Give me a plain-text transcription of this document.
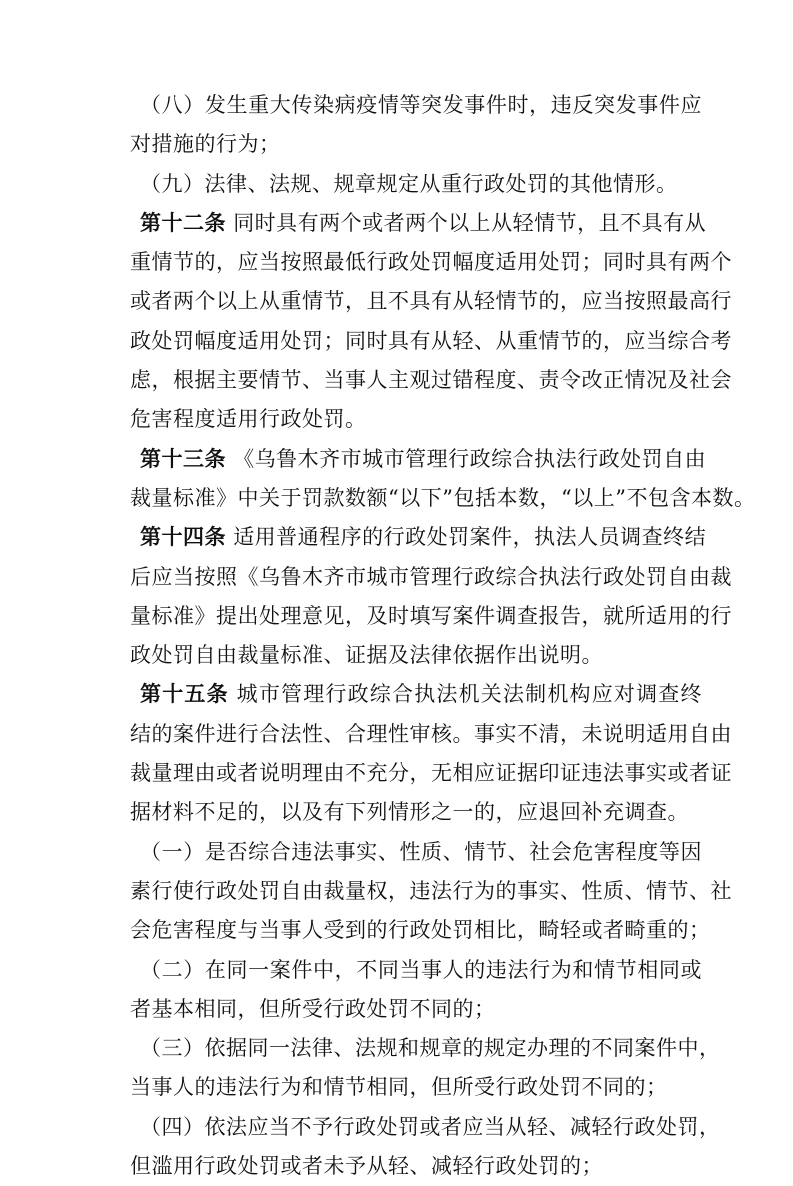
（八）发生重大传染病疫情等突发事件时，违反突发事件应
对措施的行为；
（九）法律、法规、规章规定从重行政处罚的其他情形。
第十二条 同时具有两个或者两个以上从轻情节，且不具有从
重情节的，应当按照最低行政处罚幅度适用处罚；同时具有两个
或者两个以上从重情节，且不具有从轻情节的，应当按照最高行
政处罚幅度适用处罚；同时具有从轻、从重情节的，应当综合考
虑，根据主要情节、当事人主观过错程度、责令改正情况及社会
危害程度适用行政处罚。
第十三条 《乌鲁木齐市城市管理行政综合执法行政处罚自由
裁量标准》中关于罚款数额“以下”包括本数，“以上”不包含本数。
第十四条 适用普通程序的行政处罚案件，执法人员调查终结
后应当按照《乌鲁木齐市城市管理行政综合执法行政处罚自由裁
量标准》提出处理意见，及时填写案件调查报告，就所适用的行
政处罚自由裁量标准、证据及法律依据作出说明。
第十五条 城市管理行政综合执法机关法制机构应对调查终
结的案件进行合法性、合理性审核。事实不清，未说明适用自由
裁量理由或者说明理由不充分，无相应证据印证违法事实或者证
据材料不足的，以及有下列情形之一的，应退回补充调查。
（一）是否综合违法事实、性质、情节、社会危害程度等因
素行使行政处罚自由裁量权，违法行为的事实、性质、情节、社
会危害程度与当事人受到的行政处罚相比，畸轻或者畸重的；
（二）在同一案件中，不同当事人的违法行为和情节相同或
者基本相同，但所受行政处罚不同的；
（三）依据同一法律、法规和规章的规定办理的不同案件中，
当事人的违法行为和情节相同，但所受行政处罚不同的；
（四）依法应当不予行政处罚或者应当从轻、减轻行政处罚，
但滥用行政处罚或者未予从轻、减轻行政处罚的；
